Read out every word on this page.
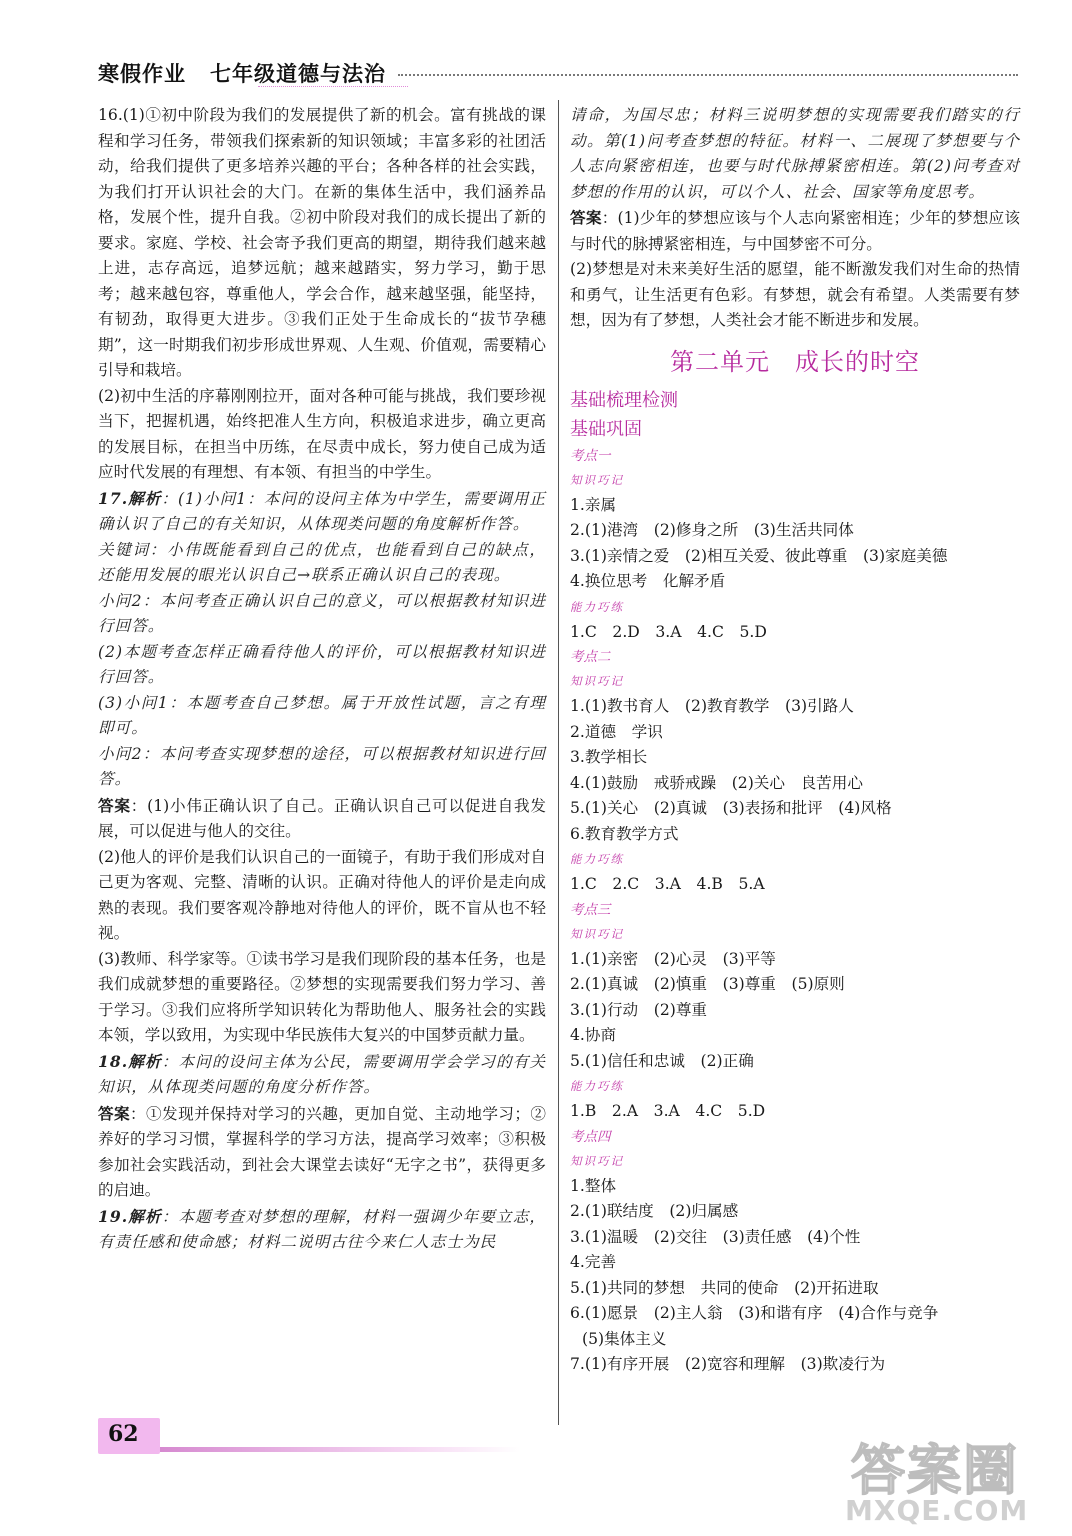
寒假作业 七年级道德与法治

16.(1)①初中阶段为我们的发展提供了新的机会。富有挑战的课程和学习任务，带领我们探索新的知识领域；丰富多彩的社团活动，给我们提供了更多培养兴趣的平台；各种各样的社会实践，为我们打开认识社会的大门。在新的集体生活中，我们涵养品格，发展个性，提升自我。②初中阶段对我们的成长提出了新的要求。家庭、学校、社会寄予我们更高的期望，期待我们越来越上进，志存高远，追梦远航；越来越踏实，努力学习，勤于思考；越来越包容，尊重他人，学会合作，越来越坚强，能坚持，有韧劲，取得更大进步。③我们正处于生命成长的“拔节孕穗期”，这一时期我们初步形成世界观、人生观、价值观，需要精心引导和栽培。

(2)初中生活的序幕刚刚拉开，面对各种可能与挑战，我们要珍视当下，把握机遇，始终把准人生方向，积极追求进步，确立更高的发展目标，在担当中历练，在尽责中成长，努力使自己成为适应时代发展的有理想、有本领、有担当的中学生。

17.解析：(1)小问1：本问的设问主体为中学生，需要调用正确认识了自己的有关知识，从体现类问题的角度解析作答。

关键词：小伟既能看到自己的优点，也能看到自己的缺点，还能用发展的眼光认识自己→联系正确认识自己的表现。

小问2：本问考查正确认识自己的意义，可以根据教材知识进行回答。

(2)本题考查怎样正确看待他人的评价，可以根据教材知识进行回答。

(3)小问1：本题考查自己梦想。属于开放性试题，言之有理即可。

小问2：本问考查实现梦想的途径，可以根据教材知识进行回答。

答案：(1)小伟正确认识了自己。正确认识自己可以促进自我发展，可以促进与他人的交往。

(2)他人的评价是我们认识自己的一面镜子，有助于我们形成对自己更为客观、完整、清晰的认识。正确对待他人的评价是走向成熟的表现。我们要客观冷静地对待他人的评价，既不盲从也不轻视。

(3)教师、科学家等。①读书学习是我们现阶段的基本任务，也是我们成就梦想的重要路径。②梦想的实现需要我们努力学习、善于学习。③我们应将所学知识转化为帮助他人、服务社会的实践本领，学以致用，为实现中华民族伟大复兴的中国梦贡献力量。

18.解析：本问的设问主体为公民，需要调用学会学习的有关知识，从体现类问题的角度分析作答。

答案：①发现并保持对学习的兴趣，更加自觉、主动地学习；②养好的学习习惯，掌握科学的学习方法，提高学习效率；③积极参加社会实践活动，到社会大课堂去读好“无字之书”，获得更多的启迪。

19.解析：本题考查对梦想的理解，材料一强调少年要立志，有责任感和使命感；材料二说明古往今来仁人志士为民

请命，为国尽忠；材料三说明梦想的实现需要我们踏实的行动。第(1)问考查梦想的特征。材料一、二展现了梦想要与个人志向紧密相连，也要与时代脉搏紧密相连。第(2)问考查对梦想的作用的认识，可以个人、社会、国家等角度思考。

答案：(1)少年的梦想应该与个人志向紧密相连；少年的梦想应该与时代的脉搏紧密相连，与中国梦密不可分。

(2)梦想是对未来美好生活的愿望，能不断激发我们对生命的热情和勇气，让生活更有色彩。有梦想，就会有希望。人类需要有梦想，因为有了梦想，人类社会才能不断进步和发展。

第二单元　成长的时空
基础梳理检测
基础巩固
考点一
知识巧记
1.亲属
2.(1)港湾　(2)修身之所　(3)生活共同体
3.(1)亲情之爱　(2)相互关爱、彼此尊重　(3)家庭美德
4.换位思考　化解矛盾
能力巧练
1.C　2.D　3.A　4.C　5.D
考点二
知识巧记
1.(1)教书育人　(2)教育教学　(3)引路人
2.道德　学识
3.教学相长
4.(1)鼓励　戒骄戒躁　(2)关心　良苦用心
5.(1)关心　(2)真诚　(3)表扬和批评　(4)风格
6.教育教学方式
能力巧练
1.C　2.C　3.A　4.B　5.A
考点三
知识巧记
1.(1)亲密　(2)心灵　(3)平等
2.(1)真诚　(2)慎重　(3)尊重　(5)原则
3.(1)行动　(2)尊重
4.协商
5.(1)信任和忠诚　(2)正确
能力巧练
1.B　2.A　3.A　4.C　5.D
考点四
知识巧记
1.整体
2.(1)联结度　(2)归属感
3.(1)温暖　(2)交往　(3)责任感　(4)个性
4.完善
5.(1)共同的梦想　共同的使命　(2)开拓进取
6.(1)愿景　(2)主人翁　(3)和谐有序　(4)合作与竞争
(5)集体主义
7.(1)有序开展　(2)宽容和理解　(3)欺凌行为
62
答案圈
MXQE.COM
